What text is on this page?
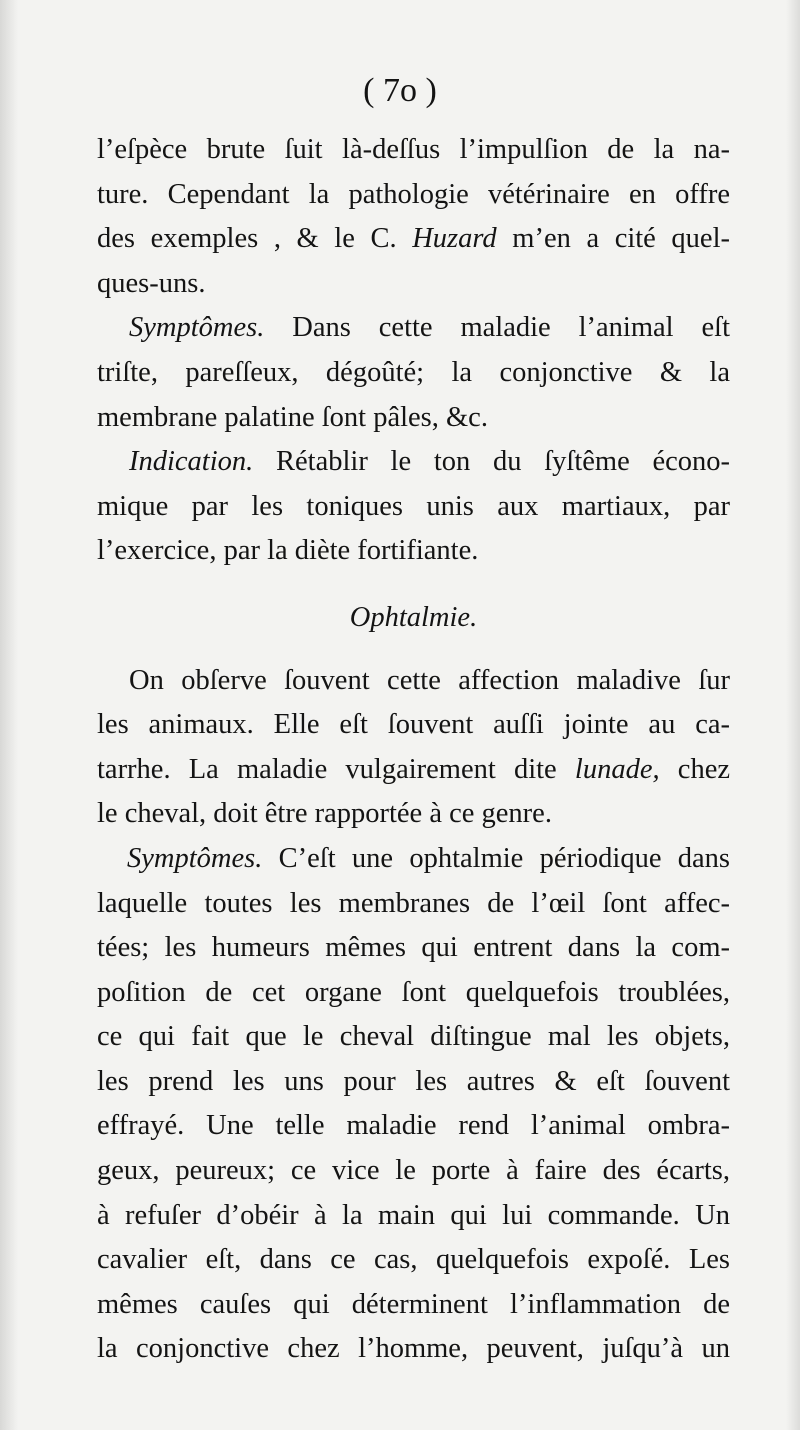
( 7o )
l’eſpèce brute ſuit là-deſſus l’impulſion de la na-
ture. Cependant la pathologie vétérinaire en offre
des exemples , & le C. Huzard m’en a cité quel-
ques-uns.
Symptômes. Dans cette maladie l’animal eſt
triſte, pareſſeux, dégoûté; la conjonctive & la
membrane palatine ſont pâles, &c.
Indication. Rétablir le ton du ſyſtême écono-
mique par les toniques unis aux martiaux, par
l’exercice, par la diète fortifiante.
Ophtalmie.
On obſerve ſouvent cette affection maladive ſur
les animaux. Elle eſt ſouvent auſſi jointe au ca-
tarrhe. La maladie vulgairement dite lunade, chez
le cheval, doit être rapportée à ce genre.
Symptômes. C’eſt une ophtalmie périodique dans
laquelle toutes les membranes de l’œil ſont affec-
tées; les humeurs mêmes qui entrent dans la com-
poſition de cet organe ſont quelquefois troublées,
ce qui fait que le cheval diſtingue mal les objets,
les prend les uns pour les autres & eſt ſouvent
effrayé. Une telle maladie rend l’animal ombra-
geux, peureux; ce vice le porte à faire des écarts,
à refuſer d’obéir à la main qui lui commande. Un
cavalier eſt, dans ce cas, quelquefois expoſé. Les
mêmes cauſes qui déterminent l’inflammation de
la conjonctive chez l’homme, peuvent, juſqu’à un
